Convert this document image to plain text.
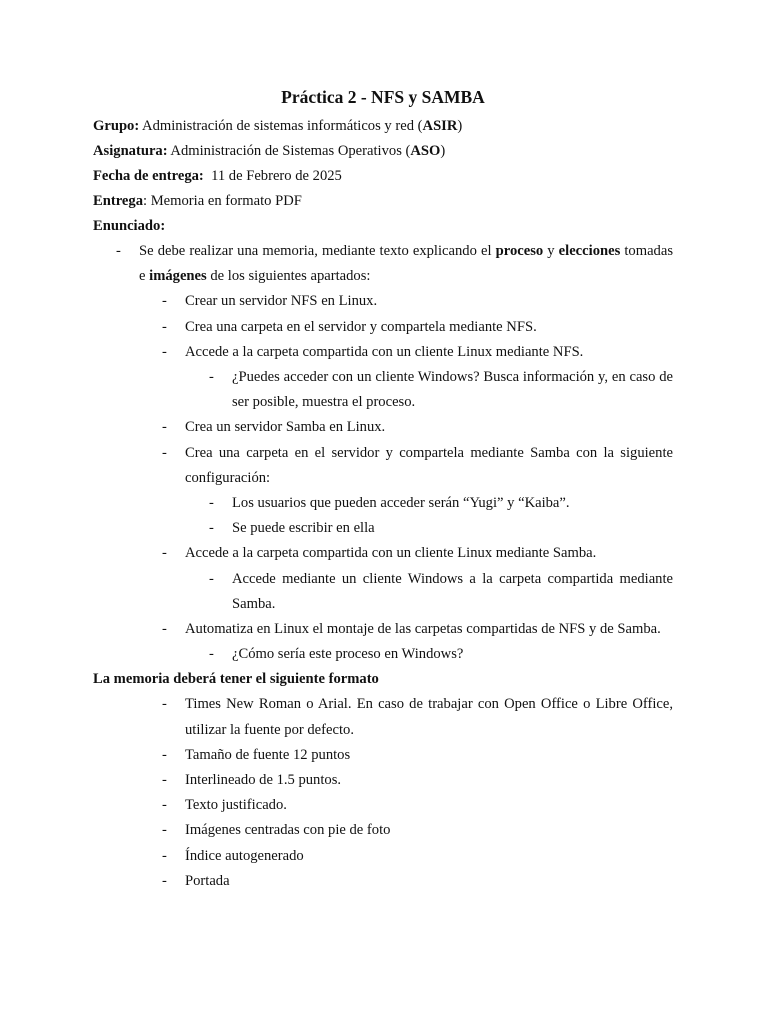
Práctica 2 - NFS y SAMBA

Grupo: Administración de sistemas informáticos y red (ASIR)

Asignatura: Administración de Sistemas Operativos (ASO)

Fecha de entrega:  11 de Febrero de 2025

Entrega: Memoria en formato PDF

Enunciado:

- Se debe realizar una memoria, mediante texto explicando el proceso y elecciones tomadas e imágenes de los siguientes apartados:
- Crear un servidor NFS en Linux.
- Crea una carpeta en el servidor y compartela mediante NFS.
- Accede a la carpeta compartida con un cliente Linux mediante NFS.
- ¿Puedes acceder con un cliente Windows? Busca información y, en caso de ser posible, muestra el proceso.
- Crea un servidor Samba en Linux.
- Crea una carpeta en el servidor y compartela mediante Samba con la siguiente configuración:
- Los usuarios que pueden acceder serán “Yugi” y “Kaiba”.
- Se puede escribir en ella
- Accede a la carpeta compartida con un cliente Linux mediante Samba.
- Accede mediante un cliente Windows a la carpeta compartida mediante Samba.
- Automatiza en Linux el montaje de las carpetas compartidas de NFS y de Samba.
- ¿Cómo sería este proceso en Windows?

La memoria deberá tener el siguiente formato

- Times New Roman o Arial. En caso de trabajar con Open Office o Libre Office, utilizar la fuente por defecto.
- Tamaño de fuente 12 puntos
- Interlineado de 1.5 puntos.
- Texto justificado.
- Imágenes centradas con pie de foto
- Índice autogenerado
- Portada
